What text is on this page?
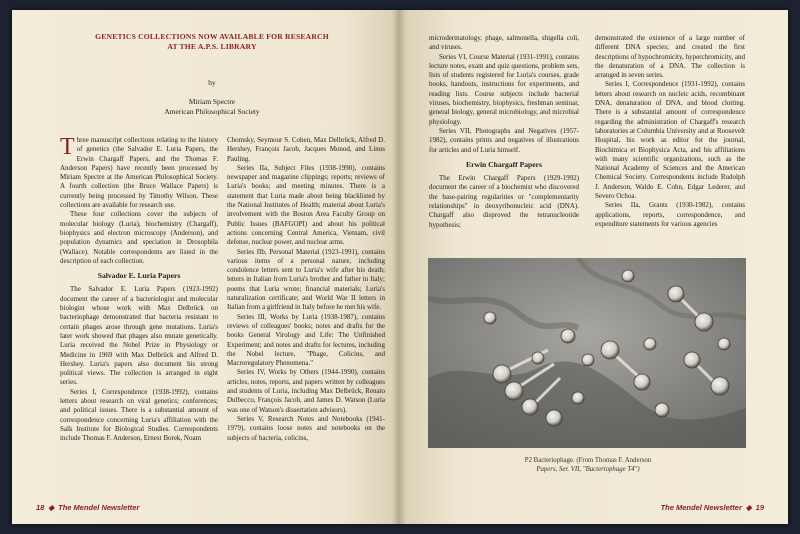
GENETICS COLLECTIONS NOW AVAILABLE FOR RESEARCH
AT THE A.P.S. LIBRARY
by
Miriam Spectre
American Philosophical Society

Three manuscript collections relating to the history of genetics (the Salvador E. Luria Papers, the Erwin Chargaff Papers, and the Thomas F. Anderson Papers) have recently been processed by Miriam Spectre at the American Philosophical Society. A fourth collection (the Bruce Wallace Papers) is currently being processed by Timothy Wilson. These collections are available for research use.

These four collections cover the subjects of molecular biology (Luria), biochemistry (Chargaff), biophysics and electron microscopy (Anderson), and population dynamics and speciation in Drosophila (Wallace). Notable correspondents are listed in the description of each collection.

Salvador E. Luria Papers

The Salvador E. Luria Papers (1923-1992) document the career of a bacteriologist and molecular biologist whose work with Max Delbrück on bacteriophage demonstrated that bacteria resistant to certain phages arose through gene mutations. Luria's later work showed that phages also mutate genetically. Luria received the Nobel Prize in Physiology or Medicine in 1969 with Max Delbrück and Alfred D. Hershey. Luria's papers also document his strong political views. The collection is arranged in eight series.

Series I, Correspondence (1938-1992), contains letters about research on viral genetics; conferences; and political issues. There is a substantial amount of correspondence concerning Luria's affiliation with the Salk Institute for Biological Studies. Correspondents include Thomas F. Anderson, Ernest Borek, Noam

Chomsky, Seymour S. Cohen, Max Delbrück, Alfred D. Hershey, François Jacob, Jacques Monod, and Linus Pauling.

Series IIa, Subject Files (1938-1990), contains newspaper and magazine clippings; reports; reviews of Luria's books; and meeting minutes. There is a statement that Luria made about being blacklisted by the National Institutes of Health; material about Luria's involvement with the Boston Area Faculty Group on Public Issues (BAFGOPI) and about his political actions concerning Central America, Vietnam, civil defense, nuclear power, and nuclear arms.

Series IIb, Personal Material (1923-1991), contains various items of a personal nature, including condolence letters sent to Luria's wife after his death; letters in Italian from Luria's brother and father in Italy; poems that Luria wrote; financial materials; Luria's naturalization certificate; and World War II letters in Italian from a girlfriend in Italy before he met his wife.

Series III, Works by Luria (1938-1987), contains reviews of colleagues' books; notes and drafts for the books General Virology and Life: The Unfinished Experiment; and notes and drafts for lectures, including the Nobel lecture, "Phage, Colicins, and Macroregulatory Phenomena."

Series IV, Works by Others (1944-1990), contains articles, notes, reports, and papers written by colleagues and students of Luria, including Max Delbrück, Renato Dulbecco, François Jacob, and James D. Watson (Luria was one of Watson's dissertation advisors).

Series V, Research Notes and Notebooks (1941-1979), contains loose notes and notebooks on the subjects of bacteria, colicins,

18 ◆ The Mendel Newsletter

microdermatology, phage, salmonella, shigella coli, and viruses.

Series VI, Course Material (1931-1991), contains lecture notes, exam and quiz questions, problem sets, lists of students registered for Luria's courses, grade books, handouts, instructions for experiments, and reading lists. Course subjects include bacterial viruses, biochemistry, biophysics, freshman seminar, general biology, general microbiology, and microbial physiology.

Series VII, Photographs and Negatives (1957-1982), contains prints and negatives of illustrations for articles and of Luria himself.

Erwin Chargaff Papers

The Erwin Chargaff Papers (1929-1992) document the career of a biochemist who discovered the base-pairing regularities or "complementarity relationships" in deoxyribonucleic acid (DNA). Chargaff also disproved the tetranucleotide hypothesis;

demonstrated the existence of a large number of different DNA species; and created the first descriptions of hypochromicity, hyperchromicity, and the denaturation of a DNA. The collection is arranged in seven series.

Series I, Correspondence (1931-1992), contains letters about research on nucleic acids, recombinant DNA, denaturation of DNA, and blood clotting. There is a substantial amount of correspondence regarding the administration of Chargaff's research laboratories at Columbia University and at Roosevelt Hospital, his work as editor for the journal, Biochimica et Biophysica Acta, and his affiliations with many scientific organizations, such as the National Academy of Sciences and the American Chemical Society. Correspondents include Rudolph J. Anderson, Waldo E. Cohn, Edgar Lederer, and Severo Ochoa.

Series IIa, Grants (1930-1982), contains applications, reports, correspondence, and expenditure statements for various agencies

P2 Bacteriophage. (From Thomas F. Anderson
Papers, Ser. VII, "Bacteriophage T4")
The Mendel Newsletter ◆ 19
